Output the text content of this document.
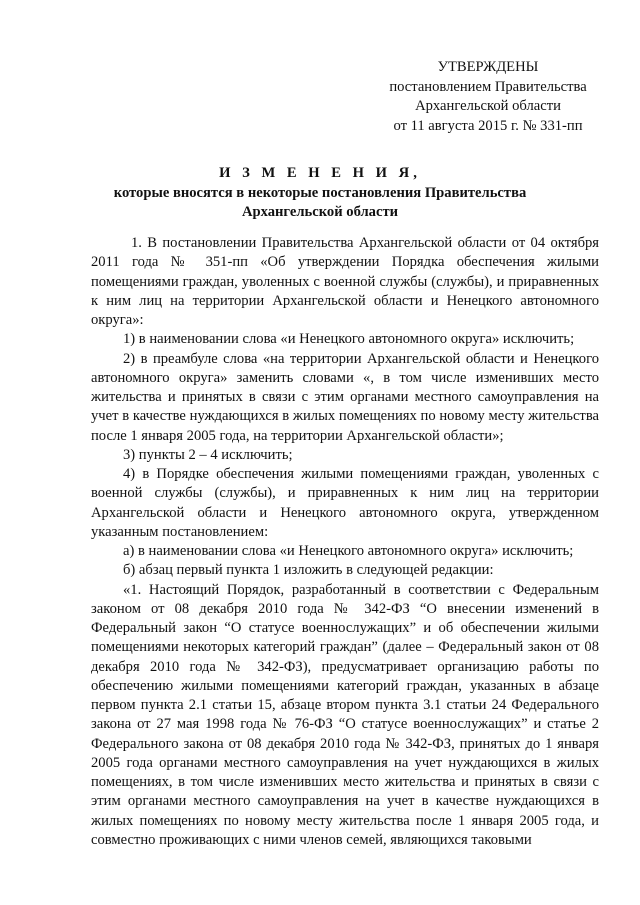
УТВЕРЖДЕНЫ
постановлением Правительства
Архангельской области
от 11 августа 2015 г. № 331-пп
И З М Е Н Е Н И Я,
которые вносятся в некоторые постановления Правительства
Архангельской области

1. В постановлении Правительства Архангельской области от 04 октября 2011 года № 351-пп «Об утверждении Порядка обеспечения жилыми помещениями граждан, уволенных с военной службы (службы), и приравненных к ним лиц на территории Архангельской области и Ненецкого автономного округа»:

1) в наименовании слова «и Ненецкого автономного округа» исключить;

2) в преамбуле слова «на территории Архангельской области и Ненецкого автономного округа» заменить словами «, в том числе изменивших место жительства и принятых в связи с этим органами местного самоуправления на учет в качестве нуждающихся в жилых помещениях по новому месту жительства после 1 января 2005 года, на территории Архангельской области»;

3) пункты 2 – 4 исключить;

4) в Порядке обеспечения жилыми помещениями граждан, уволенных с военной службы (службы), и приравненных к ним лиц на территории Архангельской области и Ненецкого автономного округа, утвержденном указанным постановлением:

а) в наименовании слова «и Ненецкого автономного округа» исключить;

б) абзац первый пункта 1 изложить в следующей редакции:

«1. Настоящий Порядок, разработанный в соответствии с Федеральным законом от 08 декабря 2010 года № 342-ФЗ “О внесении изменений в Федеральный закон “О статусе военнослужащих” и об обеспечении жилыми помещениями некоторых категорий граждан” (далее – Федеральный закон от 08 декабря 2010 года № 342-ФЗ), предусматривает организацию работы по обеспечению жилыми помещениями категорий граждан, указанных в абзаце первом пункта 2.1 статьи 15, абзаце втором пункта 3.1 статьи 24 Федерального закона от 27 мая 1998 года № 76-ФЗ “О статусе военнослужащих” и статье 2 Федерального закона от 08 декабря 2010 года № 342-ФЗ, принятых до 1 января 2005 года органами местного самоуправления на учет нуждающихся в жилых помещениях, в том числе изменивших место жительства и принятых в связи с этим органами местного самоуправления на учет в качестве нуждающихся в жилых помещениях по новому месту жительства после 1 января 2005 года, и совместно проживающих с ними членов семей, являющихся таковыми
